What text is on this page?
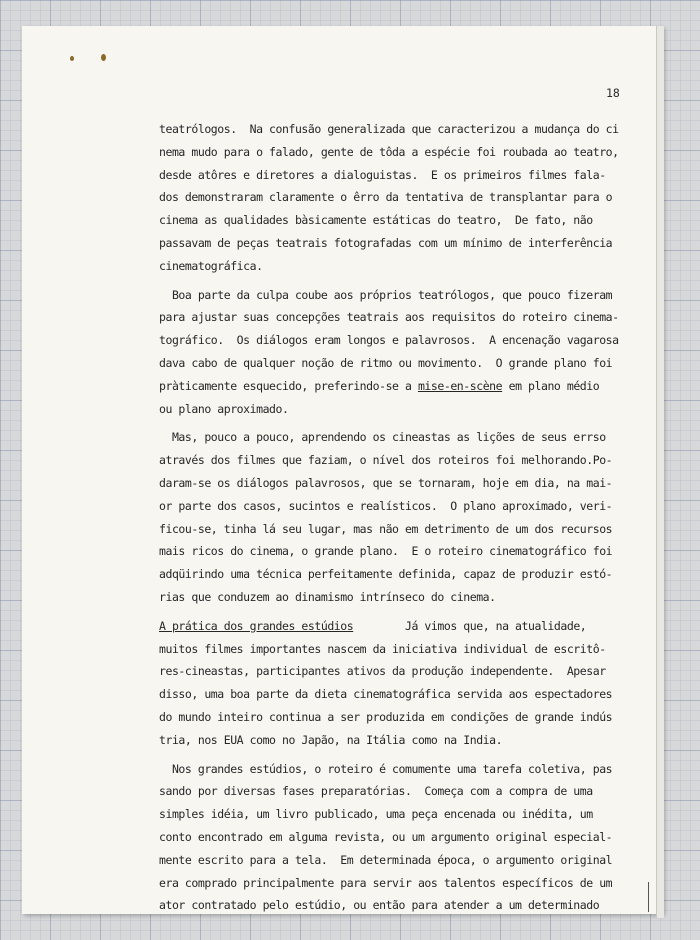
18
teatrólogos.  Na confusão generalizada que caracterizou a mudança do ci
nema mudo para o falado, gente de tôda a espécie foi roubada ao teatro,
desde atôres e diretores a dialoguistas.  E os primeiros filmes fala-
dos demonstraram claramente o êrro da tentativa de transplantar para o
cinema as qualidades bàsicamente estáticas do teatro,  De fato, não
passavam de peças teatrais fotografadas com um mínimo de interferência
cinematográfica.
Boa parte da culpa coube aos próprios teatrólogos, que pouco fizeram
para ajustar suas concepções teatrais aos requisitos do roteiro cinema-
tográfico.  Os diálogos eram longos e palavrosos.  A encenação vagarosa
dava cabo de qualquer noção de ritmo ou movimento.  O grande plano foi
pràticamente esquecido, preferindo-se a mise-en-scène em plano médio
ou plano aproximado.
Mas, pouco a pouco, aprendendo os cineastas as lições de seus errso
através dos filmes que faziam, o nível dos roteiros foi melhorando.Po-
daram-se os diálogos palavrosos, que se tornaram, hoje em dia, na mai-
or parte dos casos, sucintos e realísticos.  O plano aproximado, veri-
ficou-se, tinha lá seu lugar, mas não em detrimento de um dos recursos
mais ricos do cinema, o grande plano.  E o roteiro cinematográfico foi
adqüirindo uma técnica perfeitamente definida, capaz de produzir estó-
rias que conduzem ao dinamismo intrínseco do cinema.
A prática dos grandes estúdios        Já vimos que, na atualidade,
muitos filmes importantes nascem da iniciativa individual de escritô-
res-cineastas, participantes ativos da produção independente.  Apesar
disso, uma boa parte da dieta cinematográfica servida aos espectadores
do mundo inteiro continua a ser produzida em condições de grande indús
tria, nos EUA como no Japão, na Itália como na India.
Nos grandes estúdios, o roteiro é comumente uma tarefa coletiva, pas
sando por diversas fases preparatórias.  Começa com a compra de uma
simples idéia, um livro publicado, uma peça encenada ou inédita, um
conto encontrado em alguma revista, ou um argumento original especial-
mente escrito para a tela.  Em determinada época, o argumento original
era comprado principalmente para servir aos talentos específicos de um
ator contratado pelo estúdio, ou então para atender a um determinado
